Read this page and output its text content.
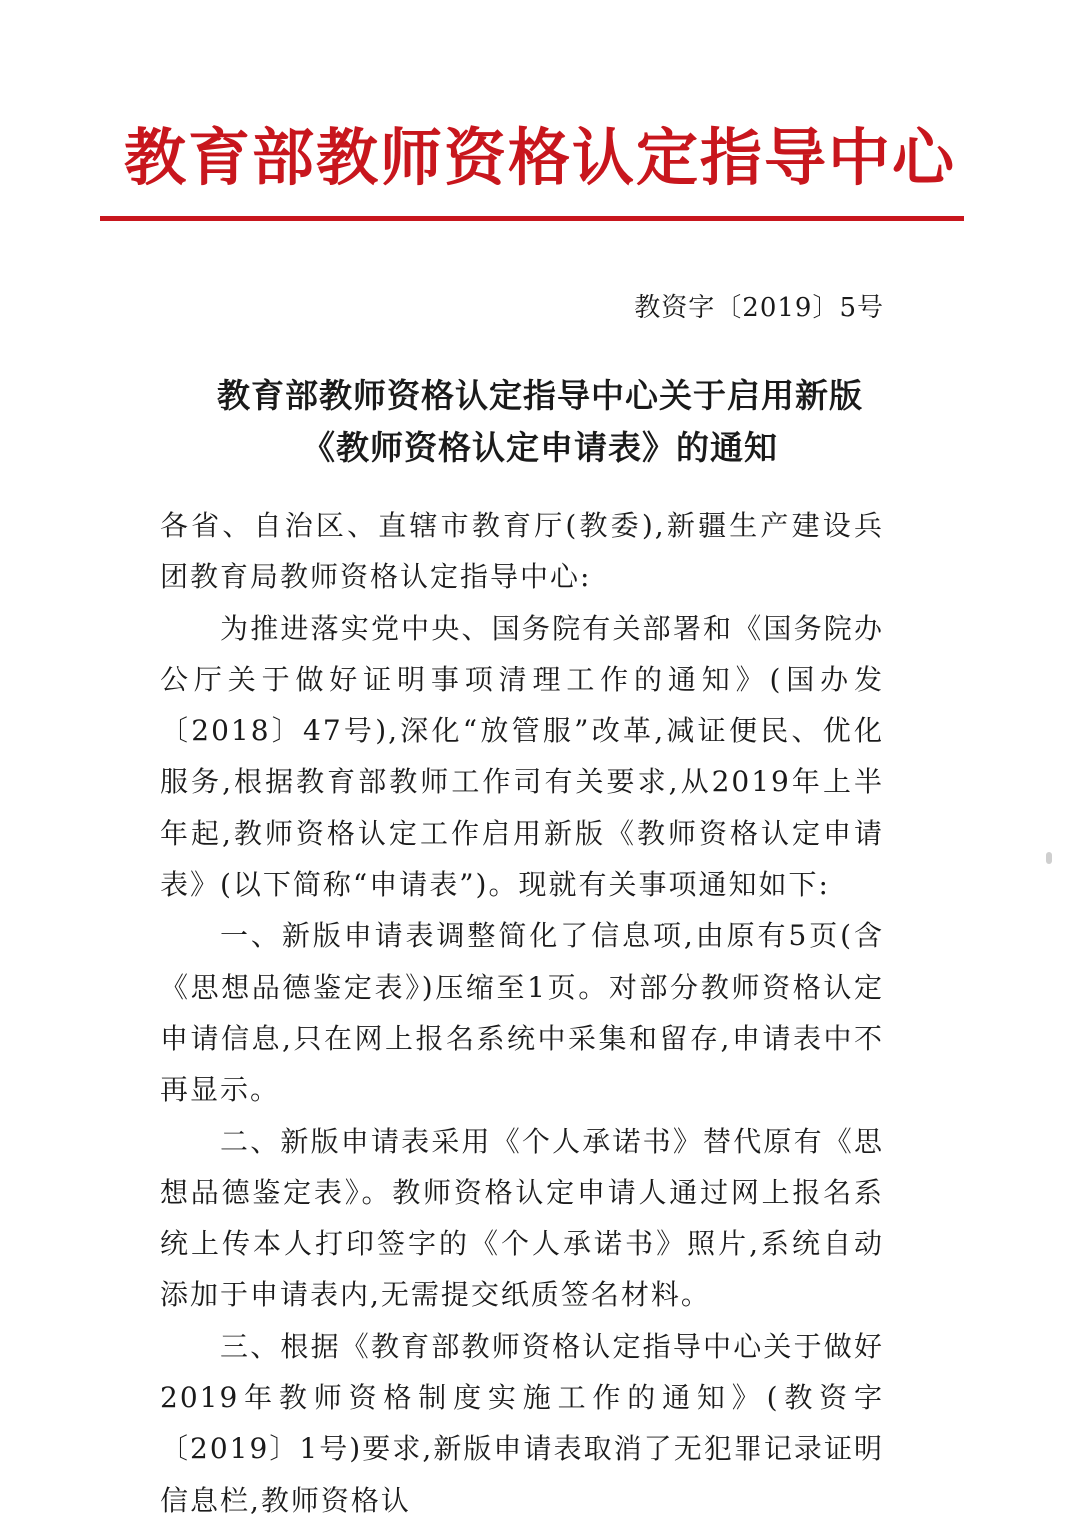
教育部教师资格认定指导中心
教资字〔2019〕5号
教育部教师资格认定指导中心关于启用新版
《教师资格认定申请表》的通知

各省、自治区、直辖市教育厅(教委),新疆生产建设兵团教育局教师资格认定指导中心:

为推进落实党中央、国务院有关部署和《国务院办公厅关于做好证明事项清理工作的通知》(国办发〔2018〕47号),深化“放管服”改革,减证便民、优化服务,根据教育部教师工作司有关要求,从2019年上半年起,教师资格认定工作启用新版《教师资格认定申请表》(以下简称“申请表”)。现就有关事项通知如下:

一、新版申请表调整简化了信息项,由原有5页(含《思想品德鉴定表》)压缩至1页。对部分教师资格认定申请信息,只在网上报名系统中采集和留存,申请表中不再显示。

二、新版申请表采用《个人承诺书》替代原有《思想品德鉴定表》。教师资格认定申请人通过网上报名系统上传本人打印签字的《个人承诺书》照片,系统自动添加于申请表内,无需提交纸质签名材料。

三、根据《教育部教师资格认定指导中心关于做好2019年教师资格制度实施工作的通知》(教资字〔2019〕1号)要求,新版申请表取消了无犯罪记录证明信息栏,教师资格认
